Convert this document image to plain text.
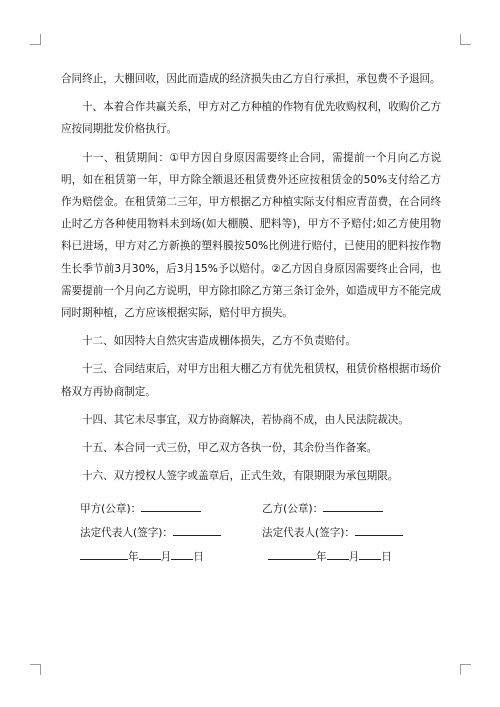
合同终止，大棚回收，因此而造成的经济损失由乙方自行承担，承包费不予退回。

十、本着合作共赢关系，甲方对乙方种植的作物有优先收购权利，收购价乙方应按同期批发价格执行。

十一、租赁期间：①甲方因自身原因需要终止合同，需提前一个月向乙方说明，如在租赁第一年，甲方除全额退还租赁费外还应按租赁金的50%支付给乙方作为赔偿金。在租赁第二三年，甲方根据乙方种植实际支付相应青苗费，在合同终止时乙方各种使用物料未到场(如大棚膜、肥料等)，甲方不予赔付;如乙方使用物料已进场，甲方对乙方新换的塑料膜按50%比例进行赔付，已使用的肥料按作物生长季节前3月30%，后3月15%予以赔付。②乙方因自身原因需要终止合同，也需要提前一个月向乙方说明，甲方除扣除乙方第三条订金外，如造成甲方不能完成同时期种植，乙方应该根据实际，赔付甲方损失。

十二、如因特大自然灾害造成棚体损失，乙方不负责赔付。

十三、合同结束后，对甲方出租大棚乙方有优先租赁权，租赁价格根据市场价格双方再协商制定。

十四、其它未尽事宜，双方协商解决，若协商不成，由人民法院裁决。

十五、本合同一式三份，甲乙双方各执一份，其余份当作备案。

十六、双方授权人签字或盖章后，正式生效，有限期限为承包期限。

甲方(公章)：	乙方(公章)：
法定代表人(签字)：	法定代表人(签字)：
年 月 日	年 月 日
